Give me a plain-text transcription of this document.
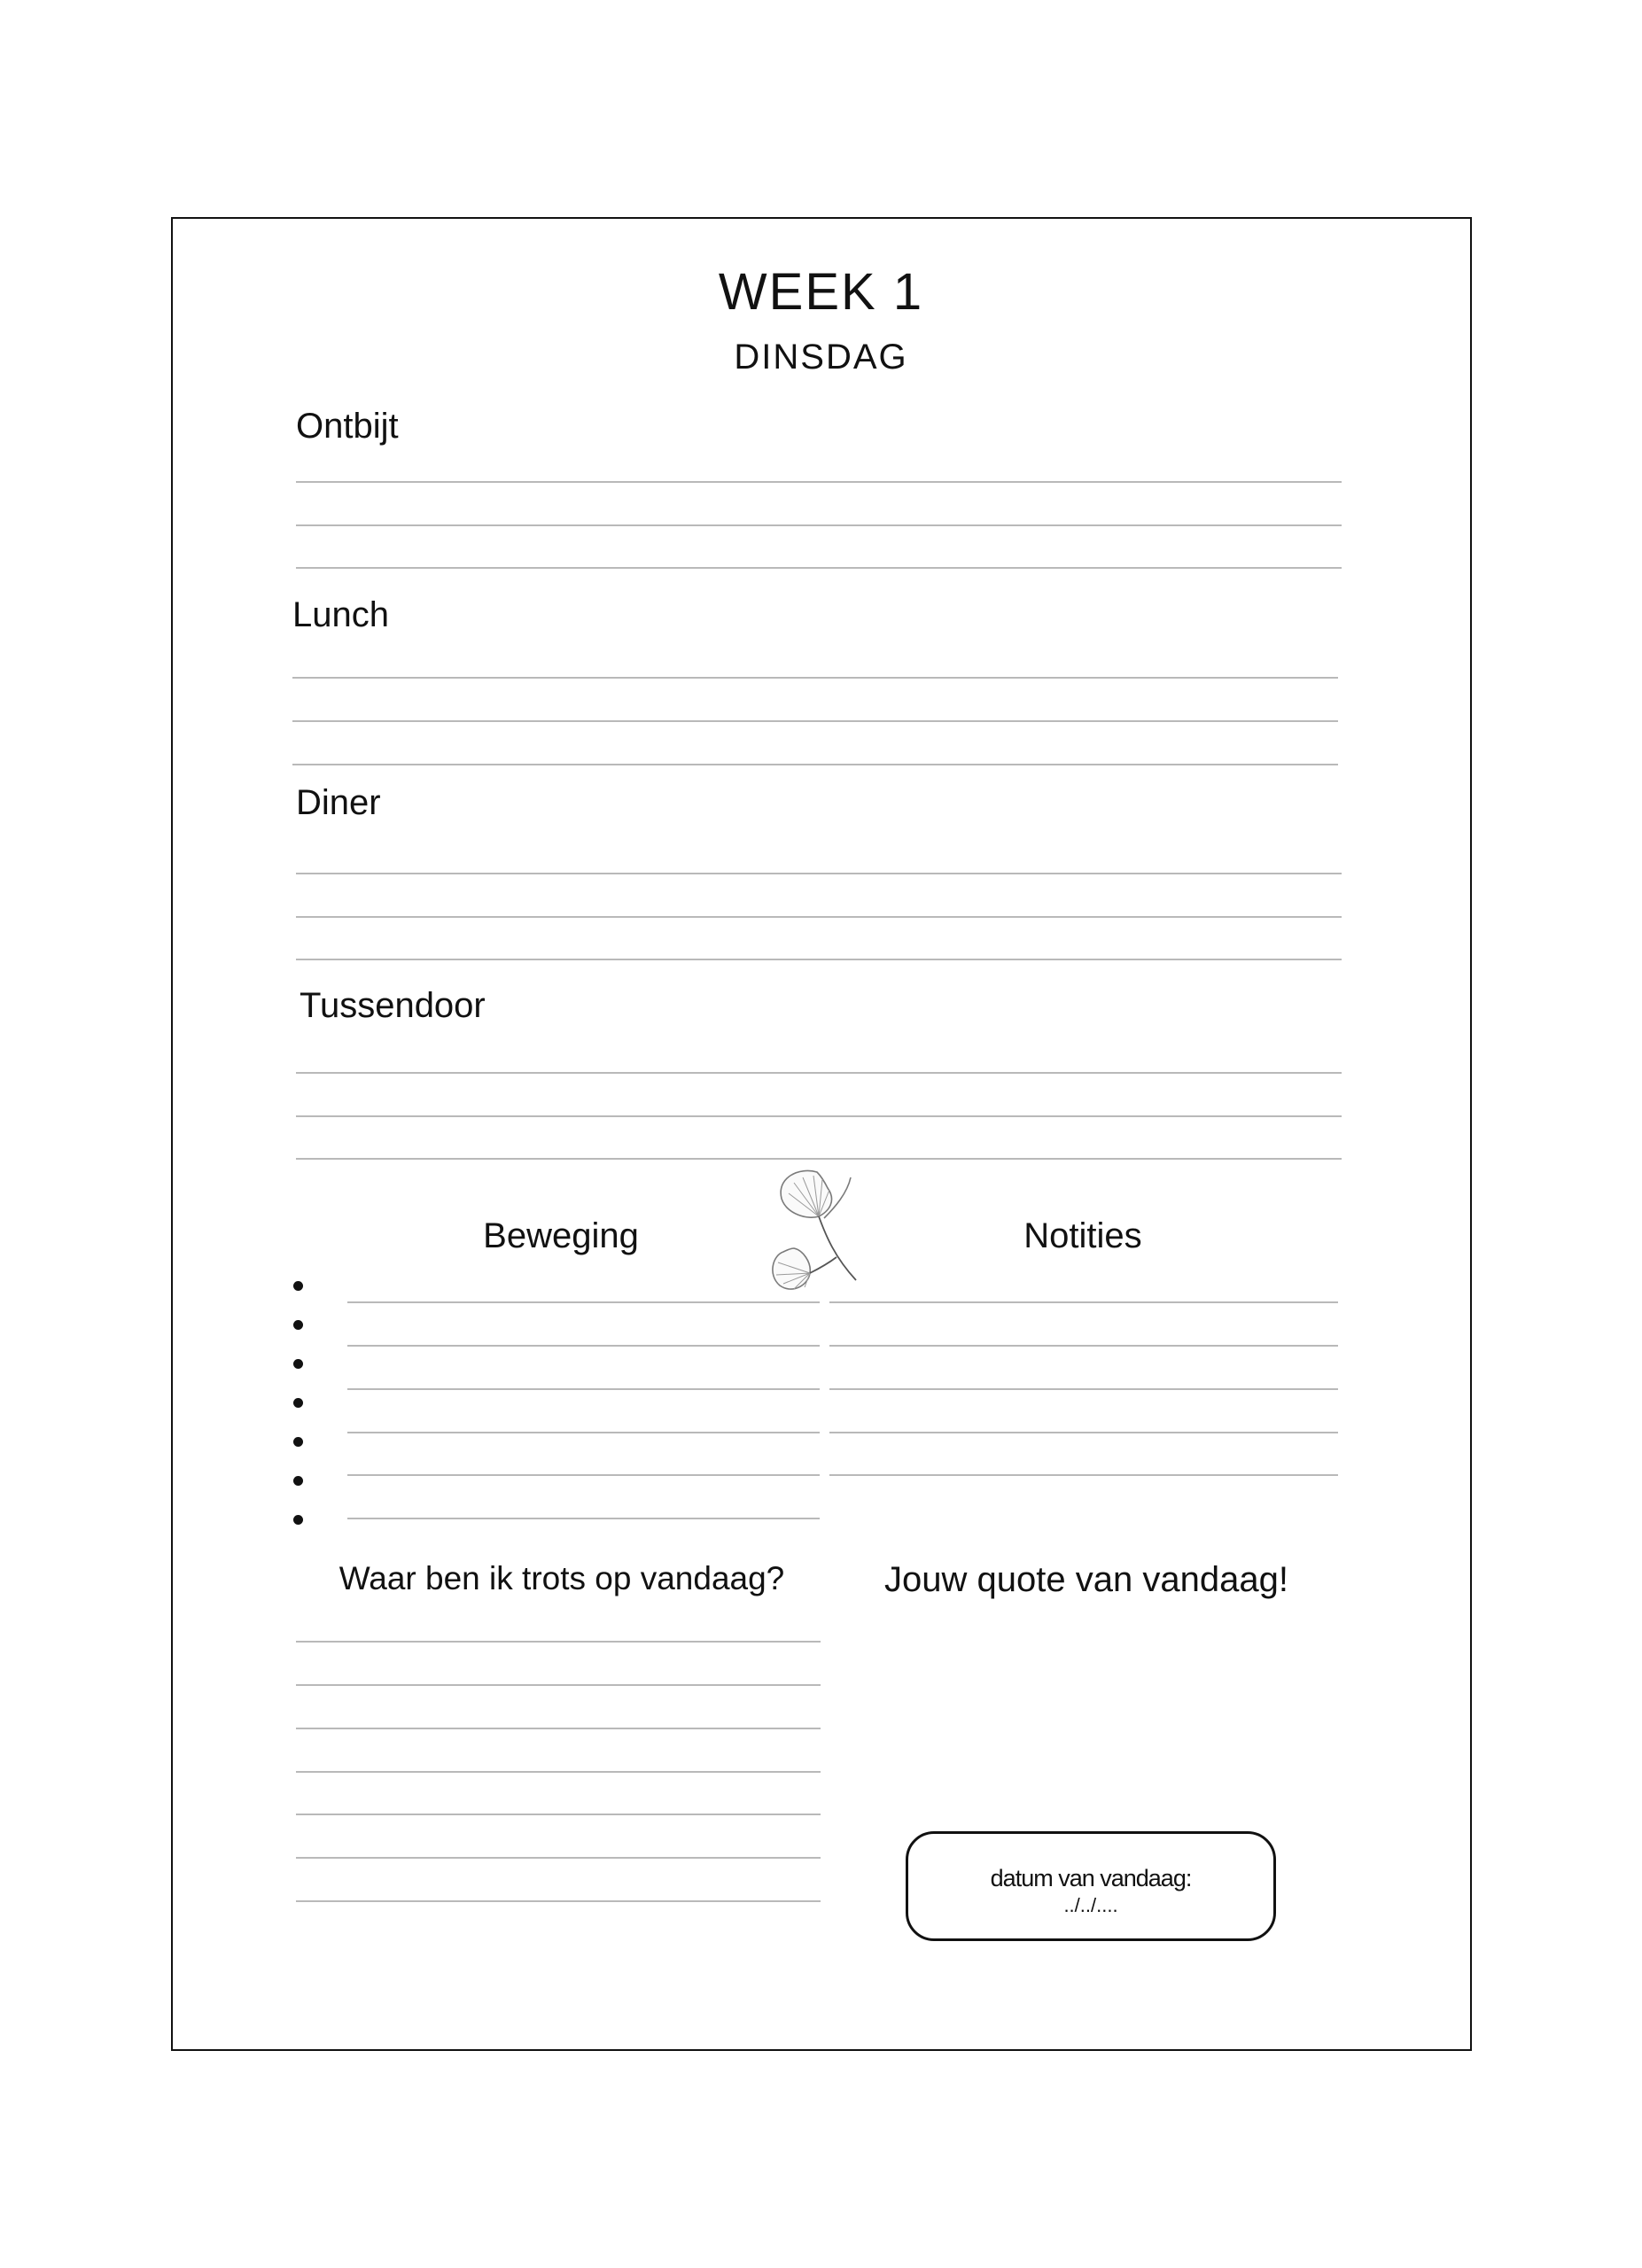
WEEK 1
DINSDAG
Ontbijt
Lunch
Diner
Tussendoor
Beweging	Notities
Waar ben ik trots op vandaag?	Jouw quote van vandaag!
datum van vandaag:
../../....
